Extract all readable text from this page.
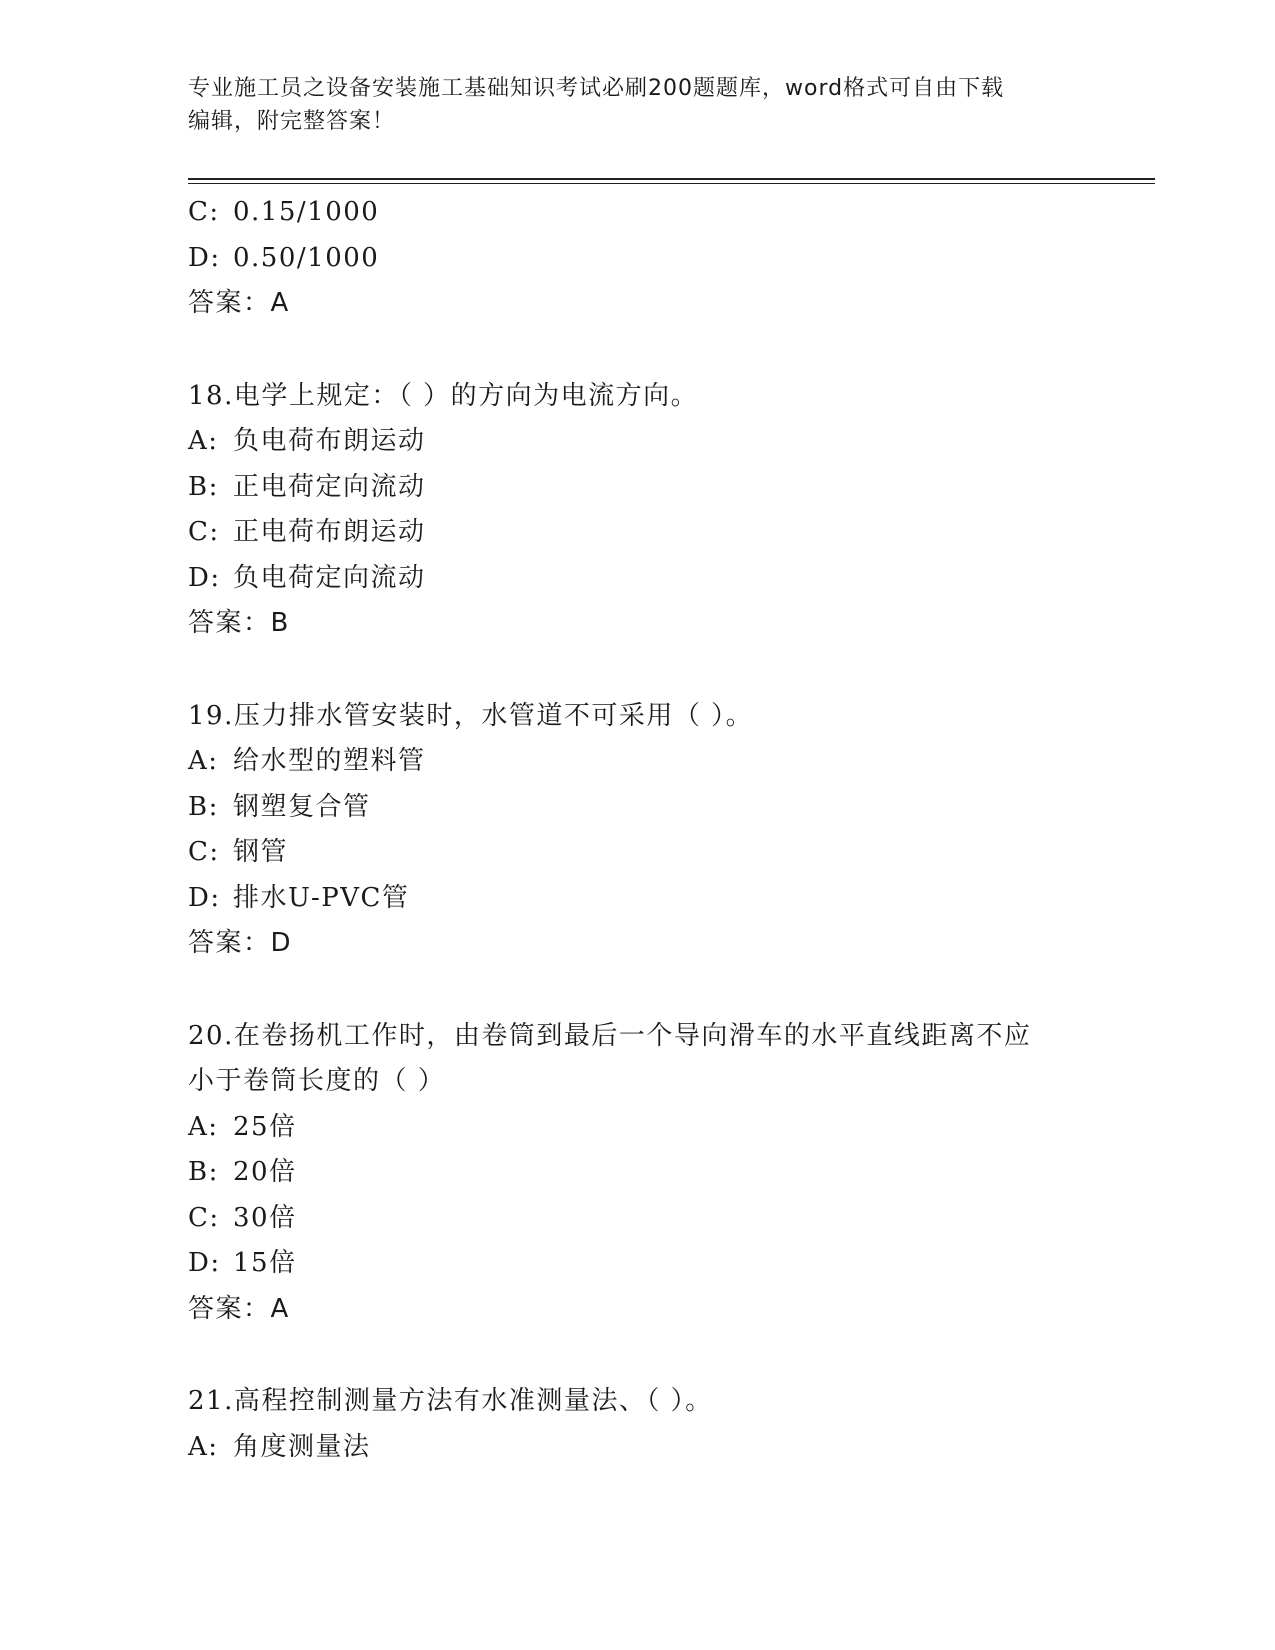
专业施工员之设备安装施工基础知识考试必刷200题题库，word格式可自由下载
编辑，附完整答案！
C: 0.15/1000
D: 0.50/1000
答案：A
18.电学上规定：（ ）的方向为电流方向。
A: 负电荷布朗运动
B: 正电荷定向流动
C: 正电荷布朗运动
D: 负电荷定向流动
答案：B
19.压力排水管安装时，水管道不可采用（ ）。
A: 给水型的塑料管
B: 钢塑复合管
C: 钢管
D: 排水U-PVC管
答案：D
20.在卷扬机工作时，由卷筒到最后一个导向滑车的水平直线距离不应
小于卷筒长度的（ ）
A: 25倍
B: 20倍
C: 30倍
D: 15倍
答案：A
21.高程控制测量方法有水准测量法、（ ）。
A: 角度测量法
